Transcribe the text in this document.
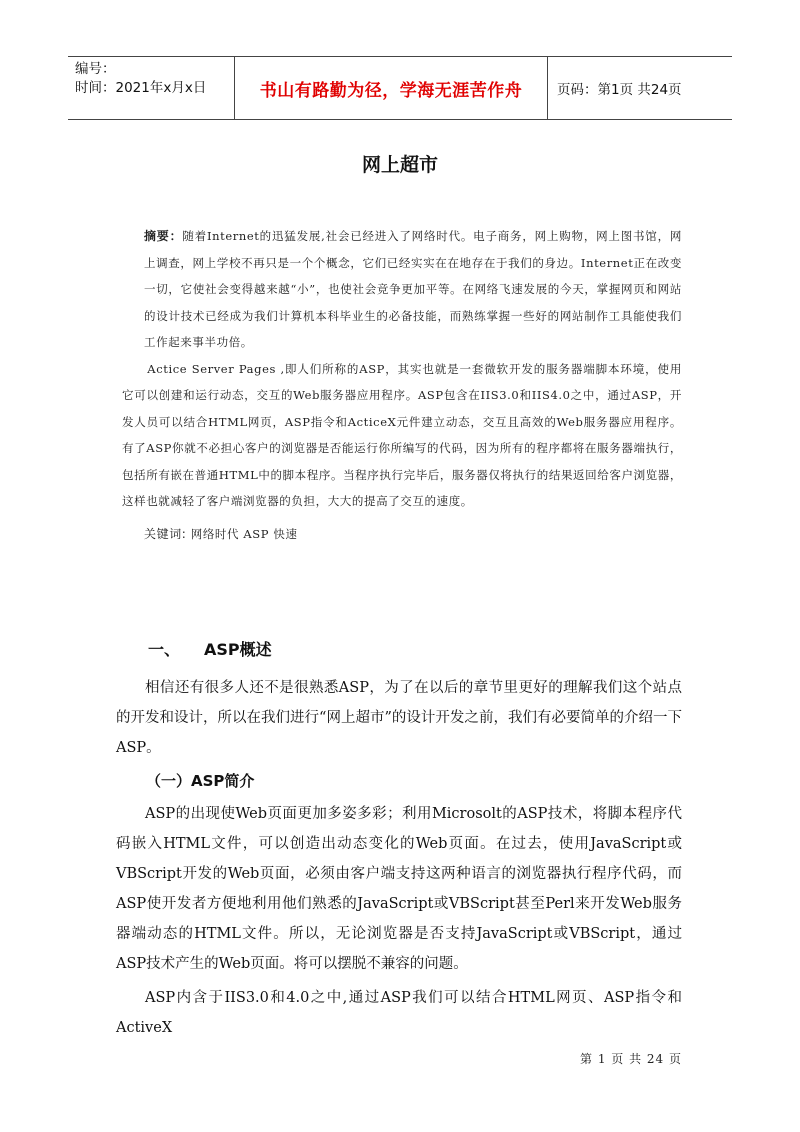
编号：
时间：2021年x月x日	书山有路勤为径，学海无涯苦作舟	页码：第1页 共24页
网上超市

摘要：随着Internet的迅猛发展,社会已经进入了网络时代。电子商务，网上购物，网上图书馆，网上调查，网上学校不再只是一个个概念，它们已经实实在在地存在于我们的身边。Internet正在改变一切，它使社会变得越来越“小”，也使社会竞争更加平等。在网络飞速发展的今天，掌握网页和网站的设计技术已经成为我们计算机本科毕业生的必备技能，而熟练掌握一些好的网站制作工具能使我们工作起来事半功倍。

Actice Server Pages ,即人们所称的ASP，其实也就是一套微软开发的服务器端脚本环境，使用它可以创建和运行动态，交互的Web服务器应用程序。ASP包含在IIS3.0和IIS4.0之中，通过ASP，开发人员可以结合HTML网页，ASP指令和ActiceX元件建立动态，交互且高效的Web服务器应用程序。有了ASP你就不必担心客户的浏览器是否能运行你所编写的代码，因为所有的程序都将在服务器端执行，包括所有嵌在普通HTML中的脚本程序。当程序执行完毕后，服务器仅将执行的结果返回给客户浏览器，这样也就减轻了客户端浏览器的负担，大大的提高了交互的速度。

关键词: 网络时代 ASP 快速

一、 ASP概述

相信还有很多人还不是很熟悉ASP，为了在以后的章节里更好的理解我们这个站点的开发和设计，所以在我们进行“网上超市”的设计开发之前，我们有必要简单的介绍一下ASP。

（一）ASP简介

ASP的出现使Web页面更加多姿多彩；利用Microsolt的ASP技术，将脚本程序代码嵌入HTML文件，可以创造出动态变化的Web页面。在过去，使用JavaScript或VBScript开发的Web页面，必须由客户端支持这两种语言的浏览器执行程序代码，而ASP使开发者方便地利用他们熟悉的JavaScript或VBScript甚至Perl来开发Web服务器端动态的HTML文件。所以，无论浏览器是否支持JavaScript或VBScript，通过ASP技术产生的Web页面。将可以摆脱不兼容的问题。

ASP内含于IIS3.0和4.0之中,通过ASP我们可以结合HTML网页、ASP指令和ActiveX

第 1 页 共 24 页
